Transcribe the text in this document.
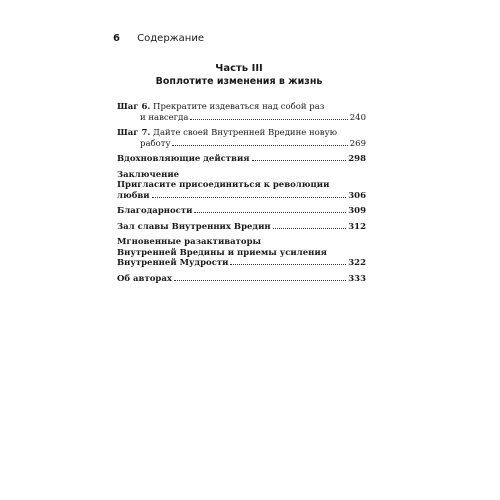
6 Содержание
Часть III
Воплотите изменения в жизнь
Шаг 6.
Прекратите издеваться над собой раз
и навсегда	240
Шаг 7.
Дайте своей Внутренней Вредине новую
работу	269
Вдохновляющие действия	298
Заключение
Пригласите присоединиться к революции
любви	306
Благодарности	309
Зал славы Внутренних Вредин	312
Мгновенные разактиваторы
Внутренней Вредины и приемы усиления
Внутренней Мудрости	322
Об авторах	333
